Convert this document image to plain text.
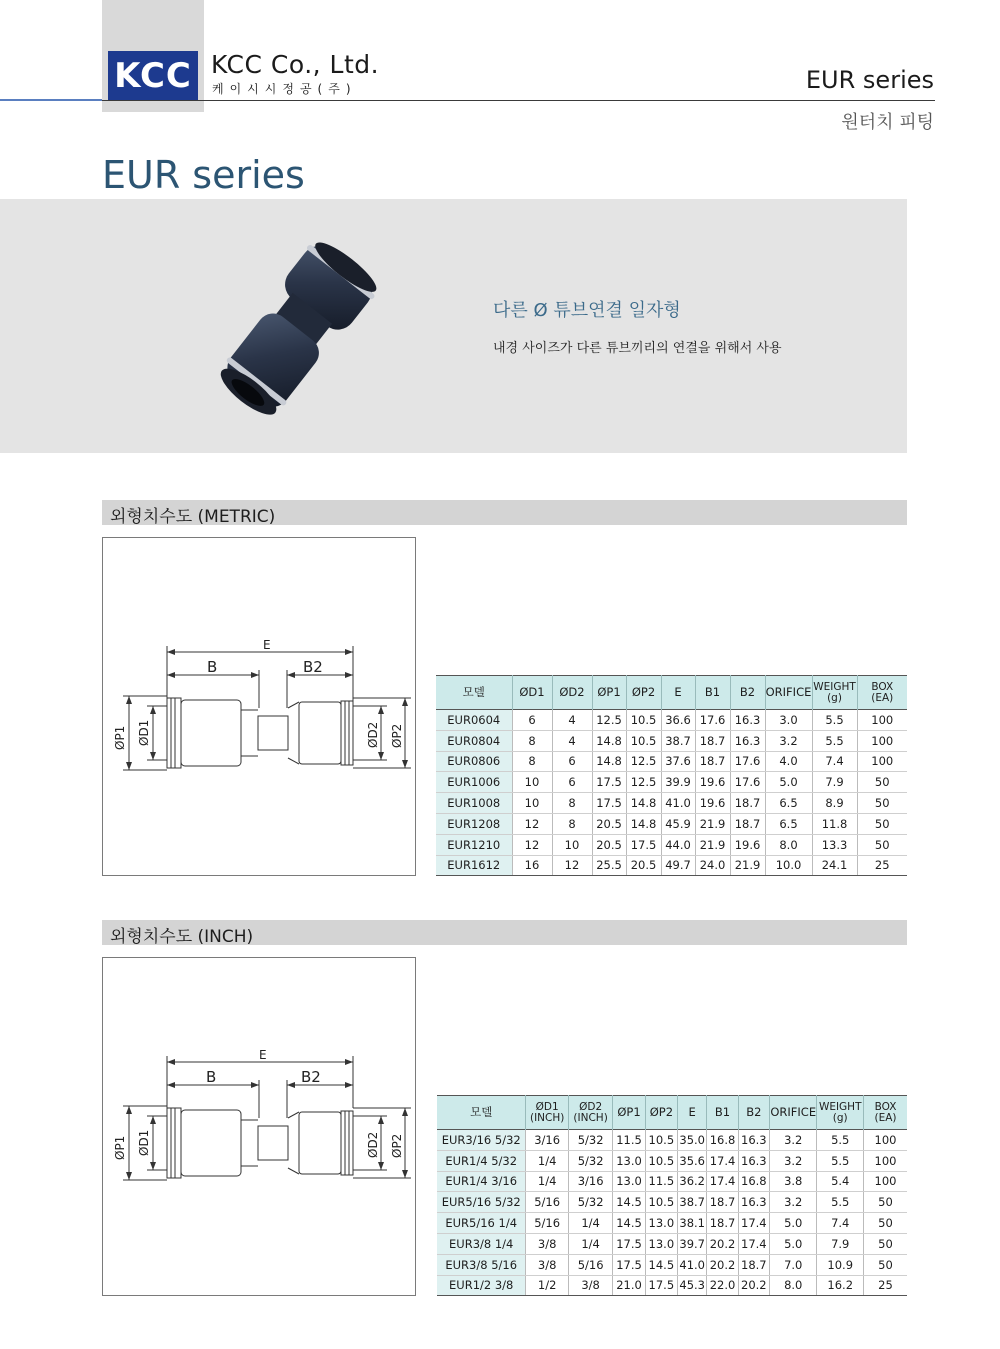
KCC KCC Co., Ltd.
케이시시정공(주)	EUR series
원터치 피팅
EUR series
다른 Ø 튜브연결 일자형
내경 사이즈가 다른 튜브끼리의 연결을 위해서 사용
외형치수도 (METRIC)
E
B	B2
ØP1 ØD1	ØD2 ØP2
모델	ØD1	ØD2	ØP1	ØP2	E	B1	B2	ORIFICE	WEIGHT
(g)	BOX
(EA)
EUR0604	6	4	12.5	10.5	36.6	17.6	16.3	3.0	5.5	100
EUR0804	8	4	14.8	10.5	38.7	18.7	16.3	3.2	5.5	100
EUR0806	8	6	14.8	12.5	37.6	18.7	17.6	4.0	7.4	100
EUR1006	10	6	17.5	12.5	39.9	19.6	17.6	5.0	7.9	50
EUR1008	10	8	17.5	14.8	41.0	19.6	18.7	6.5	8.9	50
EUR1208	12	8	20.5	14.8	45.9	21.9	18.7	6.5	11.8	50
EUR1210	12	10	20.5	17.5	44.0	21.9	19.6	8.0	13.3	50
EUR1612	16	12	25.5	20.5	49.7	24.0	21.9	10.0	24.1	25
외형치수도 (INCH)
E
B	B2
ØP1 ØD1	ØD2 ØP2
모델	ØD1
(INCH)	ØD2
(INCH)	ØP1	ØP2	E	B1	B2	ORIFICE	WEIGHT
(g)	BOX
(EA)
EUR3/16 5/32	3/16	5/32	11.5	10.5	35.0	16.8	16.3	3.2	5.5	100
EUR1/4 5/32	1/4	5/32	13.0	10.5	35.6	17.4	16.3	3.2	5.5	100
EUR1/4 3/16	1/4	3/16	13.0	11.5	36.2	17.4	16.8	3.8	5.4	100
EUR5/16 5/32	5/16	5/32	14.5	10.5	38.7	18.7	16.3	3.2	5.5	50
EUR5/16 1/4	5/16	1/4	14.5	13.0	38.1	18.7	17.4	5.0	7.4	50
EUR3/8 1/4	3/8	1/4	17.5	13.0	39.7	20.2	17.4	5.0	7.9	50
EUR3/8 5/16	3/8	5/16	17.5	14.5	41.0	20.2	18.7	7.0	10.9	50
EUR1/2 3/8	1/2	3/8	21.0	17.5	45.3	22.0	20.2	8.0	16.2	25
